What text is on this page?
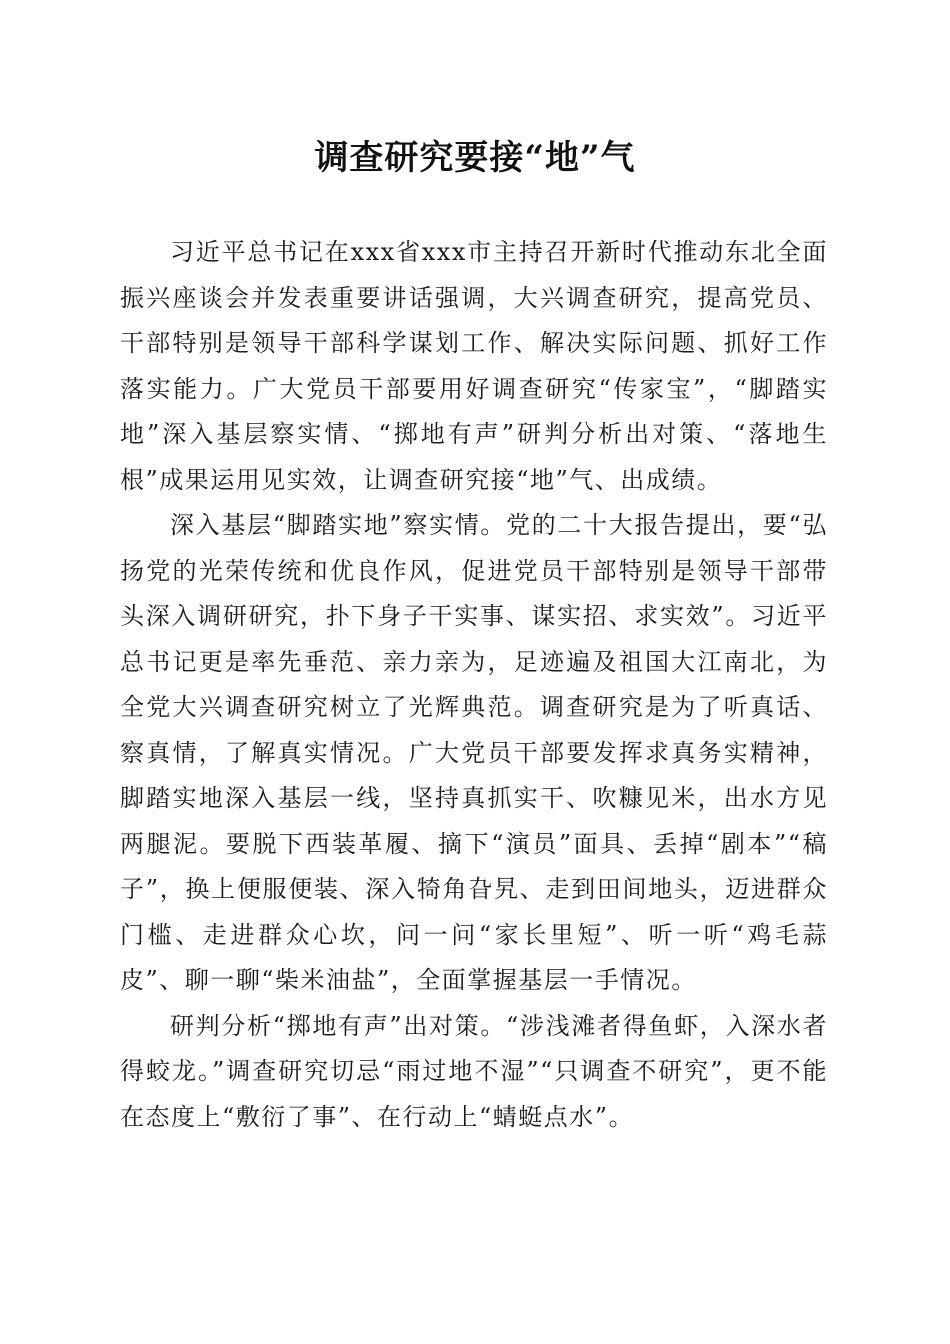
调查研究要接“地”气

习近平总书记在xxx省xxx市主持召开新时代推动东北全面振兴座谈会并发表重要讲话强调，大兴调查研究，提高党员、干部特别是领导干部科学谋划工作、解决实际问题、抓好工作落实能力。广大党员干部要用好调查研究“传家宝”，“脚踏实地”深入基层察实情、“掷地有声”研判分析出对策、“落地生根”成果运用见实效，让调查研究接“地”气、出成绩。

深入基层“脚踏实地”察实情。党的二十大报告提出，要“弘扬党的光荣传统和优良作风，促进党员干部特别是领导干部带头深入调研研究，扑下身子干实事、谋实招、求实效”。习近平总书记更是率先垂范、亲力亲为，足迹遍及祖国大江南北，为全党大兴调查研究树立了光辉典范。调查研究是为了听真话、察真情，了解真实情况。广大党员干部要发挥求真务实精神，脚踏实地深入基层一线，坚持真抓实干、吹糠见米，出水方见两腿泥。要脱下西装革履、摘下“演员”面具、丢掉“剧本”“稿子”，换上便服便装、深入犄角旮旯、走到田间地头，迈进群众门槛、走进群众心坎，问一问“家长里短”、听一听“鸡毛蒜皮”、聊一聊“柴米油盐”，全面掌握基层一手情况。

研判分析“掷地有声”出对策。“涉浅滩者得鱼虾，入深水者得蛟龙。”调查研究切忌“雨过地不湿”“只调查不研究”，更不能在态度上“敷衍了事”、在行动上“蜻蜓点水”。
